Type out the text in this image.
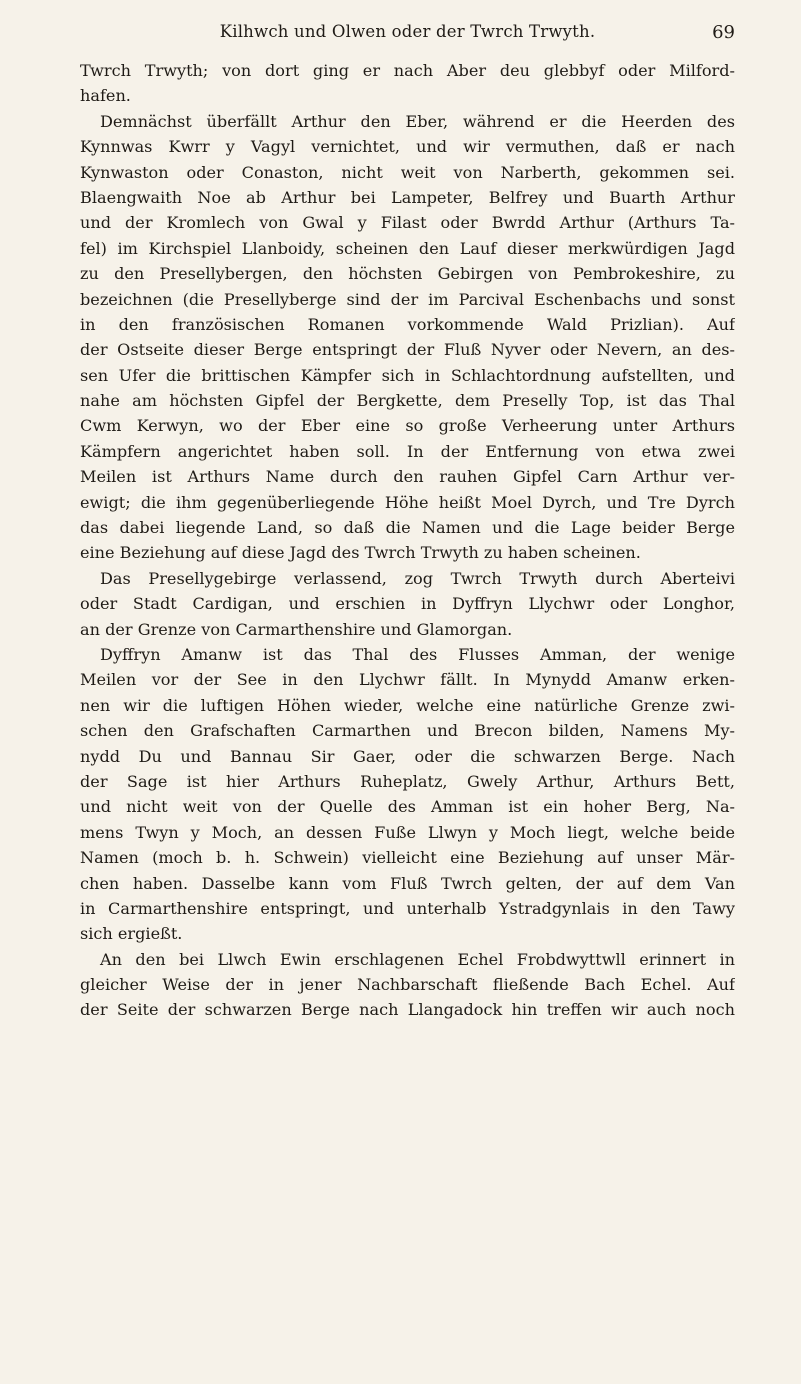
Kilhwch und Olwen oder der Twrch Trwyth.	69
Twrch Trwyth; von dort ging er nach Aber deu glebbyf oder Milford-
hafen.
Demnächst überfällt Arthur den Eber, während er die Heerden des
Kynnwas Kwrr y Vagyl vernichtet, und wir vermuthen, daß er nach
Kynwaston oder Conaston, nicht weit von Narberth, gekommen sei.
Blaengwaith Noe ab Arthur bei Lampeter, Belfrey und Buarth Arthur
und der Kromlech von Gwal y Filast oder Bwrdd Arthur (Arthurs Ta-
fel) im Kirchspiel Llanboidy, scheinen den Lauf dieser merkwürdigen Jagd
zu den Presellybergen, den höchsten Gebirgen von Pembrokeshire, zu
bezeichnen (die Presellyberge sind der im Parcival Eschenbachs und sonst
in den französischen Romanen vorkommende Wald Prizlian). Auf
der Ostseite dieser Berge entspringt der Fluß Nyver oder Nevern, an des-
sen Ufer die brittischen Kämpfer sich in Schlachtordnung aufstellten, und
nahe am höchsten Gipfel der Bergkette, dem Preselly Top, ist das Thal
Cwm Kerwyn, wo der Eber eine so große Verheerung unter Arthurs
Kämpfern angerichtet haben soll. In der Entfernung von etwa zwei
Meilen ist Arthurs Name durch den rauhen Gipfel Carn Arthur ver-
ewigt; die ihm gegenüberliegende Höhe heißt Moel Dyrch, und Tre Dyrch
das dabei liegende Land, so daß die Namen und die Lage beider Berge
eine Beziehung auf diese Jagd des Twrch Trwyth zu haben scheinen.
Das Presellygebirge verlassend, zog Twrch Trwyth durch Aberteivi
oder Stadt Cardigan, und erschien in Dyffryn Llychwr oder Longhor,
an der Grenze von Carmarthenshire und Glamorgan.
Dyffryn Amanw ist das Thal des Flusses Amman, der wenige
Meilen vor der See in den Llychwr fällt. In Mynydd Amanw erken-
nen wir die luftigen Höhen wieder, welche eine natürliche Grenze zwi-
schen den Grafschaften Carmarthen und Brecon bilden, Namens My-
nydd Du und Bannau Sir Gaer, oder die schwarzen Berge. Nach
der Sage ist hier Arthurs Ruheplatz, Gwely Arthur, Arthurs Bett,
und nicht weit von der Quelle des Amman ist ein hoher Berg, Na-
mens Twyn y Moch, an dessen Fuße Llwyn y Moch liegt, welche beide
Namen (moch b. h. Schwein) vielleicht eine Beziehung auf unser Mär-
chen haben. Dasselbe kann vom Fluß Twrch gelten, der auf dem Van
in Carmarthenshire entspringt, und unterhalb Ystradgynlais in den Tawy
sich ergießt.
An den bei Llwch Ewin erschlagenen Echel Frobdwyttwll erinnert in
gleicher Weise der in jener Nachbarschaft fließende Bach Echel. Auf
der Seite der schwarzen Berge nach Llangadock hin treffen wir auch noch
